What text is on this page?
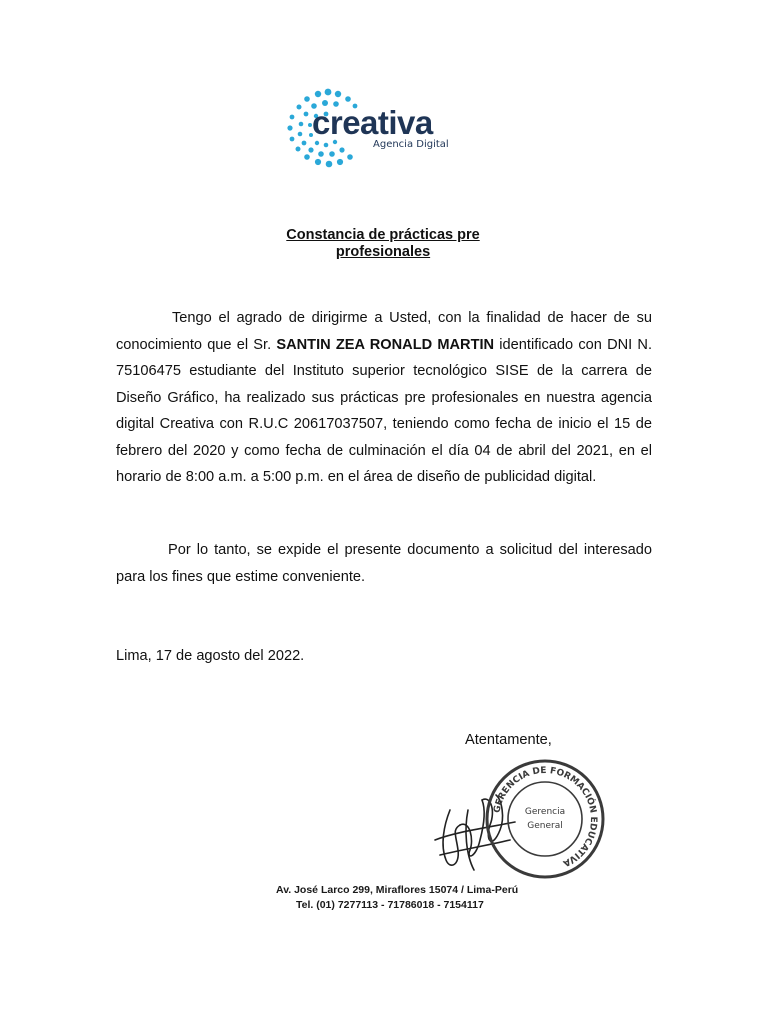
creativa
Agencia Digital
Constancia de prácticas pre
profesionales

Tengo el agrado de dirigirme a Usted, con la finalidad de hacer de su conocimiento que el Sr. SANTIN ZEA RONALD MARTIN identificado con DNI N. 75106475 estudiante del Instituto superior tecnológico SISE de la carrera de Diseño Gráfico, ha realizado sus prácticas pre profesionales en nuestra agencia digital Creativa con R.U.C 20617037507, teniendo como fecha de inicio el 15 de febrero del 2020 y como fecha de culminación el día 04 de abril del 2021, en el horario de 8:00 a.m. a 5:00 p.m. en el área de diseño de publicidad digital.

Por lo tanto, se expide el presente documento a solicitud del interesado para los fines que estime conveniente.

Lima, 17 de agosto del 2022.
Atentamente,
GERENCIA DE FORMACIÓN EDUCATIVA
Gerencia
General
Av. José Larco 299, Miraflores 15074 / Lima-Perú
Tel. (01) 7277113 - 71786018 - 7154117
